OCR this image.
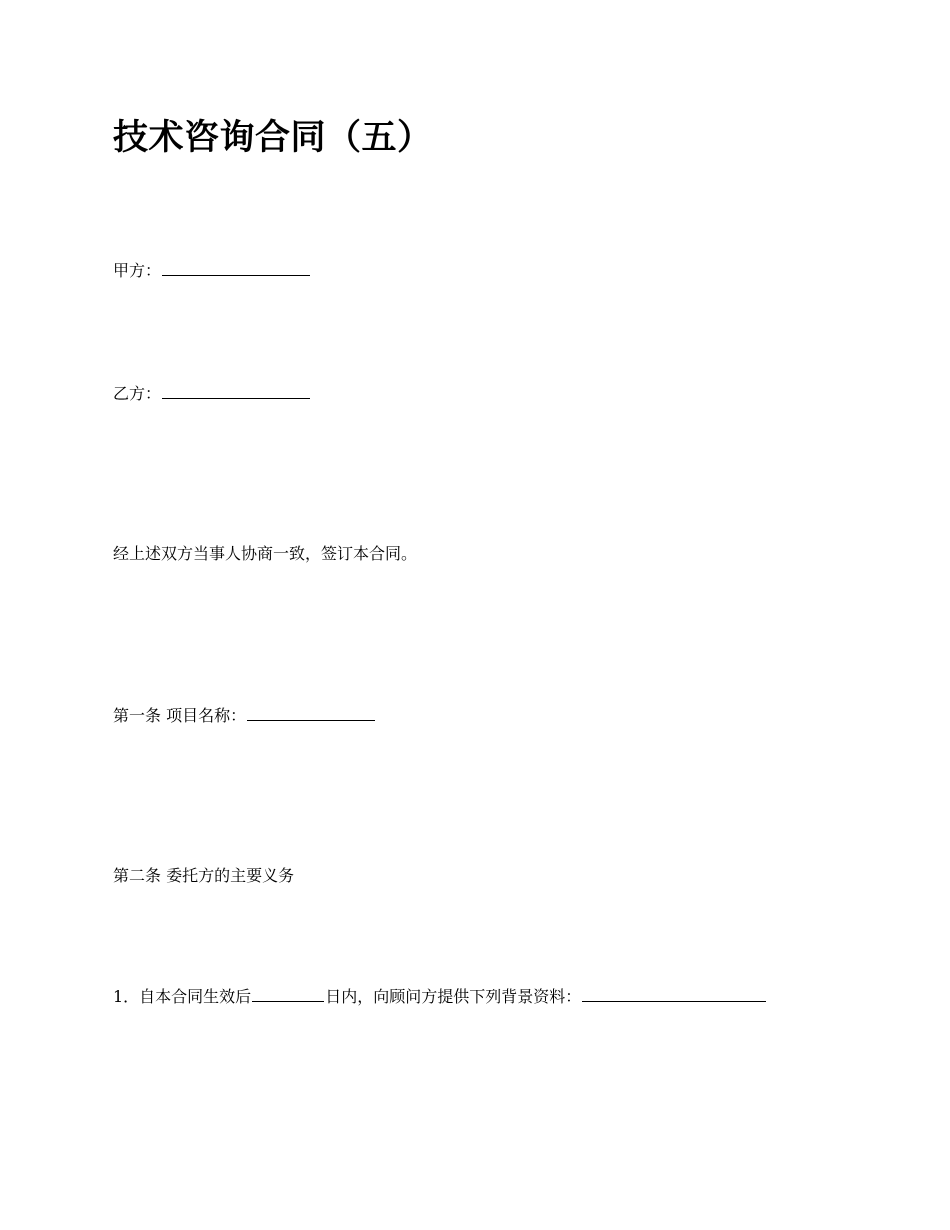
技术咨询合同（五）

甲方：

乙方：

经上述双方当事人协商一致，签订本合同。

第一条 项目名称：

第二条 委托方的主要义务

1．自本合同生效后	日内，向顾问方提供下列背景资料：
